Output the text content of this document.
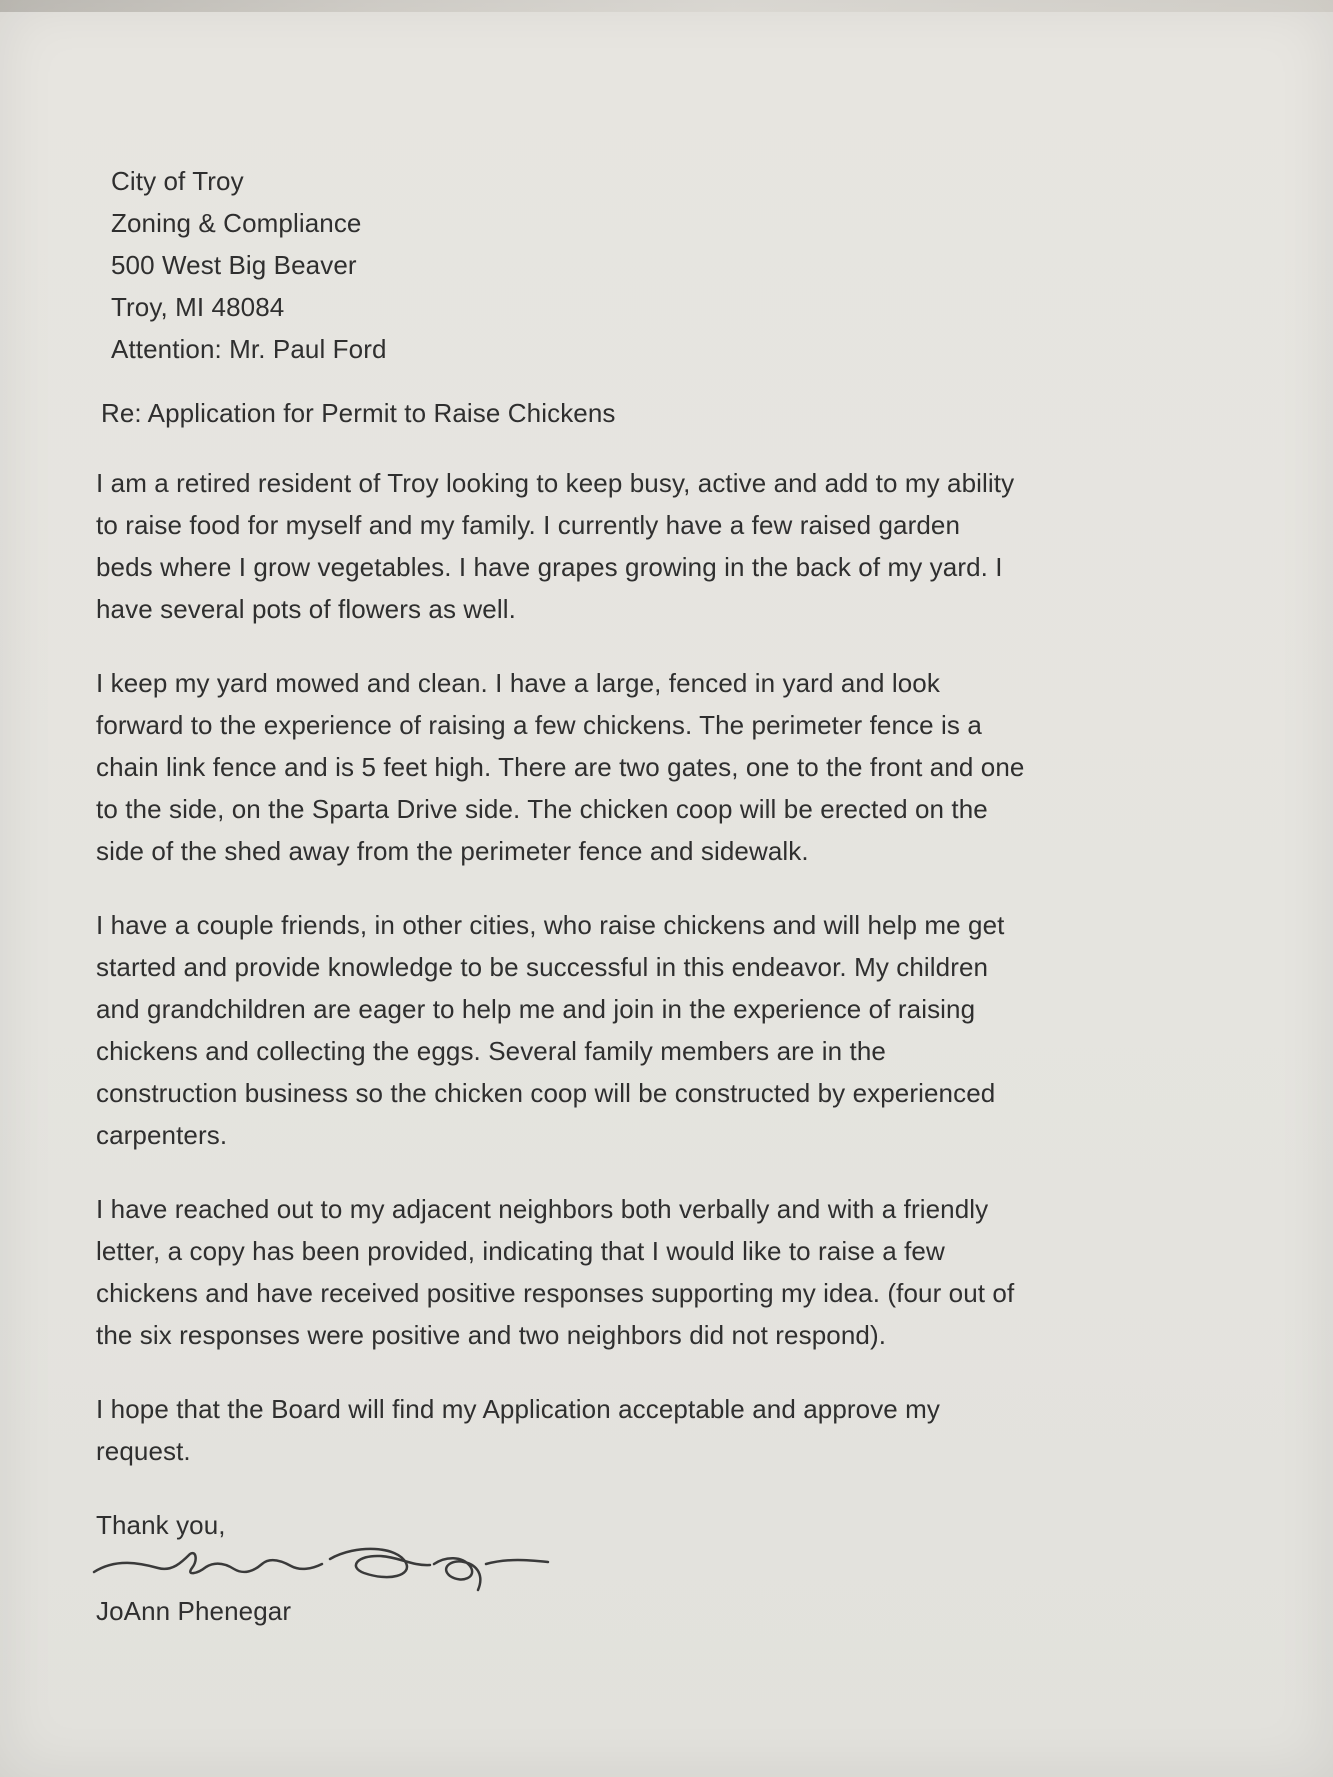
City of Troy
Zoning & Compliance
500 West Big Beaver
Troy, MI 48084
Attention: Mr. Paul Ford
Re: Application for Permit to Raise Chickens
I am a retired resident of Troy looking to keep busy, active and add to my ability
to raise food for myself and my family. I currently have a few raised garden
beds where I grow vegetables. I have grapes growing in the back of my yard. I
have several pots of flowers as well.
I keep my yard mowed and clean. I have a large, fenced in yard and look
forward to the experience of raising a few chickens. The perimeter fence is a
chain link fence and is 5 feet high. There are two gates, one to the front and one
to the side, on the Sparta Drive side. The chicken coop will be erected on the
side of the shed away from the perimeter fence and sidewalk.
I have a couple friends, in other cities, who raise chickens and will help me get
started and provide knowledge to be successful in this endeavor. My children
and grandchildren are eager to help me and join in the experience of raising
chickens and collecting the eggs. Several family members are in the
construction business so the chicken coop will be constructed by experienced
carpenters.
I have reached out to my adjacent neighbors both verbally and with a friendly
letter, a copy has been provided, indicating that I would like to raise a few
chickens and have received positive responses supporting my idea. (four out of
the six responses were positive and two neighbors did not respond).
I hope that the Board will find my Application acceptable and approve my
request.
Thank you,
JoAnn Phenegar
